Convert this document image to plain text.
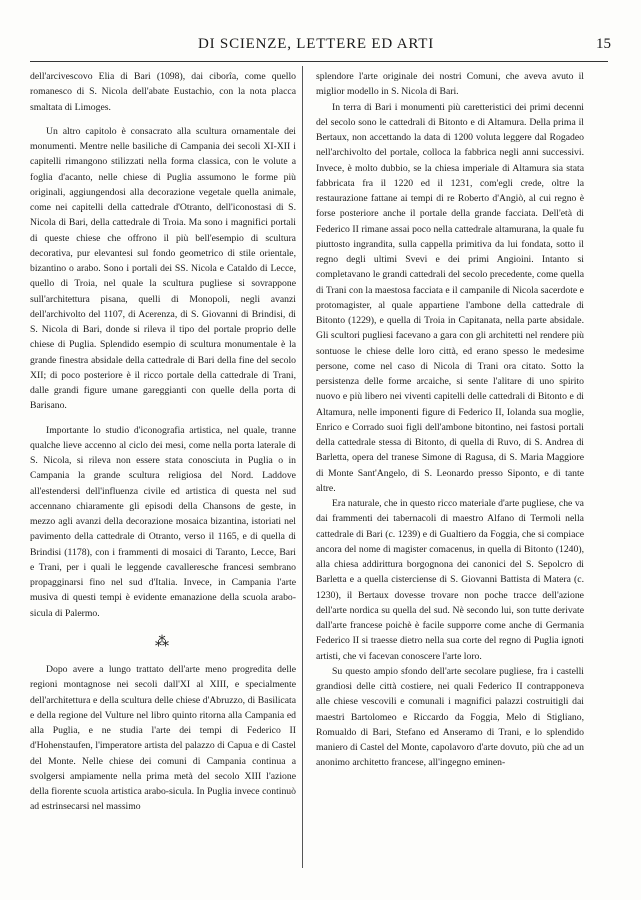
DI SCIENZE, LETTERE ED ARTI	15

dell'arcivescovo Elia di Bari (1098), dai ciborîa, come quello romanesco di S. Nicola dell'abate Eustachio, con la nota placca smaltata di Limoges.

Un altro capitolo è consacrato alla scultura ornamentale dei monumenti. Mentre nelle basiliche di Campania dei secoli XI-XII i capitelli rimangono stilizzati nella forma classica, con le volute a foglia d'acanto, nelle chiese di Puglia assumono le forme più originali, aggiungendosi alla decorazione vegetale quella animale, come nei capitelli della cattedrale d'Otranto, dell'iconostasi di S. Nicola di Bari, della cattedrale di Troia. Ma sono i magnifici portali di queste chiese che offrono il più bell'esempio di scultura decorativa, pur elevantesi sul fondo geometrico di stile orientale, bizantino o arabo. Sono i portali dei SS. Nicola e Cataldo di Lecce, quello di Troia, nel quale la scultura pugliese si sovrappone sull'architettura pisana, quelli di Monopoli, negli avanzi dell'archivolto del 1107, di Acerenza, di S. Giovanni di Brindisi, di S. Nicola di Bari, donde si rileva il tipo del portale proprio delle chiese di Puglia. Splendido esempio di scultura monumentale è la grande finestra absidale della cattedrale di Bari della fine del secolo XII; di poco posteriore è il ricco portale della cattedrale di Trani, dalle grandi figure umane gareggianti con quelle della porta di Barisano.

Importante lo studio d'iconografia artistica, nel quale, tranne qualche lieve accenno al ciclo dei mesi, come nella porta laterale di S. Nicola, si rileva non essere stata conosciuta in Puglia o in Campania la grande scultura religiosa del Nord. Laddove all'estendersi dell'influenza civile ed artistica di questa nel sud accennano chiaramente gli episodi della Chansons de geste, in mezzo agli avanzi della decorazione mosaica bizantina, istoriati nel pavimento della cattedrale di Otranto, verso il 1165, e di quella di Brindisi (1178), con i frammenti di mosaici di Taranto, Lecce, Bari e Trani, per i quali le leggende cavalleresche francesi sembrano propagginarsi fino nel sud d'Italia. Invece, in Campania l'arte musiva di questi tempi è evidente emanazione della scuola arabo-sicula di Palermo.

⁂

Dopo avere a lungo trattato dell'arte meno progredita delle regioni montagnose nei secoli dall'XI al XIII, e specialmente dell'architettura e della scultura delle chiese d'Abruzzo, di Basilicata e della regione del Vulture nel libro quinto ritorna alla Campania ed alla Puglia, e ne studia l'arte dei tempi di Federico II d'Hohenstaufen, l'imperatore artista del palazzo di Capua e di Castel del Monte. Nelle chiese dei comuni di Campania continua a svolgersi ampiamente nella prima metà del secolo XIII l'azione della fiorente scuola artistica arabo-sicula. In Puglia invece continuò ad estrinsecarsi nel massimo

splendore l'arte originale dei nostri Comuni, che aveva avuto il miglior modello in S. Nicola di Bari.

In terra di Bari i monumenti più caretteristici dei primi decenni del secolo sono le cattedrali di Bitonto e di Altamura. Della prima il Bertaux, non accettando la data di 1200 voluta leggere dal Rogadeo nell'archivolto del portale, colloca la fabbrica negli anni successivi. Invece, è molto dubbio, se la chiesa imperiale di Altamura sia stata fabbricata fra il 1220 ed il 1231, com'egli crede, oltre la restaurazione fattane ai tempi di re Roberto d'Angiò, al cui regno è forse posteriore anche il portale della grande facciata. Dell'età di Federico II rimane assai poco nella cattedrale altamurana, la quale fu piuttosto ingrandita, sulla cappella primitiva da lui fondata, sotto il regno degli ultimi Svevi e dei primi Angioini. Intanto si completavano le grandi cattedrali del secolo precedente, come quella di Trani con la maestosa facciata e il campanile di Nicola sacerdote e protomagister, al quale appartiene l'ambone della cattedrale di Bitonto (1229), e quella di Troia in Capitanata, nella parte absidale. Gli scultori pugliesi facevano a gara con gli architetti nel rendere più sontuose le chiese delle loro città, ed erano spesso le medesime persone, come nel caso di Nicola di Trani ora citato. Sotto la persistenza delle forme arcaiche, si sente l'alitare di uno spirito nuovo e più libero nei viventi capitelli delle cattedrali di Bitonto e di Altamura, nelle imponenti figure di Federico II, Iolanda sua moglie, Enrico e Corrado suoi figli dell'ambone bitontino, nei fastosi portali della cattedrale stessa di Bitonto, di quella di Ruvo, di S. Andrea di Barletta, opera del tranese Simone di Ragusa, di S. Maria Maggiore di Monte Sant'Angelo, di S. Leonardo presso Siponto, e di tante altre.

Era naturale, che in questo ricco materiale d'arte pugliese, che va dai frammenti dei tabernacoli di maestro Alfano di Termoli nella cattedrale di Bari (c. 1239) e di Gualtiero da Foggia, che si compiace ancora del nome di magister comacenus, in quella di Bitonto (1240), alla chiesa addirittura borgognona dei canonici del S. Sepolcro di Barletta e a quella cisterciense di S. Giovanni Battista di Matera (c. 1230), il Bertaux dovesse trovare non poche tracce dell'azione dell'arte nordica su quella del sud. Nè secondo lui, son tutte derivate dall'arte francese poichè è facile supporre come anche di Germania Federico II si traesse dietro nella sua corte del regno di Puglia ignoti artisti, che vi facevan conoscere l'arte loro.

Su questo ampio sfondo dell'arte secolare pugliese, fra i castelli grandiosi delle città costiere, nei quali Federico II contrapponeva alle chiese vescovili e comunali i magnifici palazzi costruitigli dai maestri Bartolomeo e Riccardo da Foggia, Melo di Stigliano, Romualdo di Bari, Stefano ed Anseramo di Trani, e lo splendido maniero di Castel del Monte, capolavoro d'arte dovuto, più che ad un anonimo architetto francese, all'ingegno eminen-
